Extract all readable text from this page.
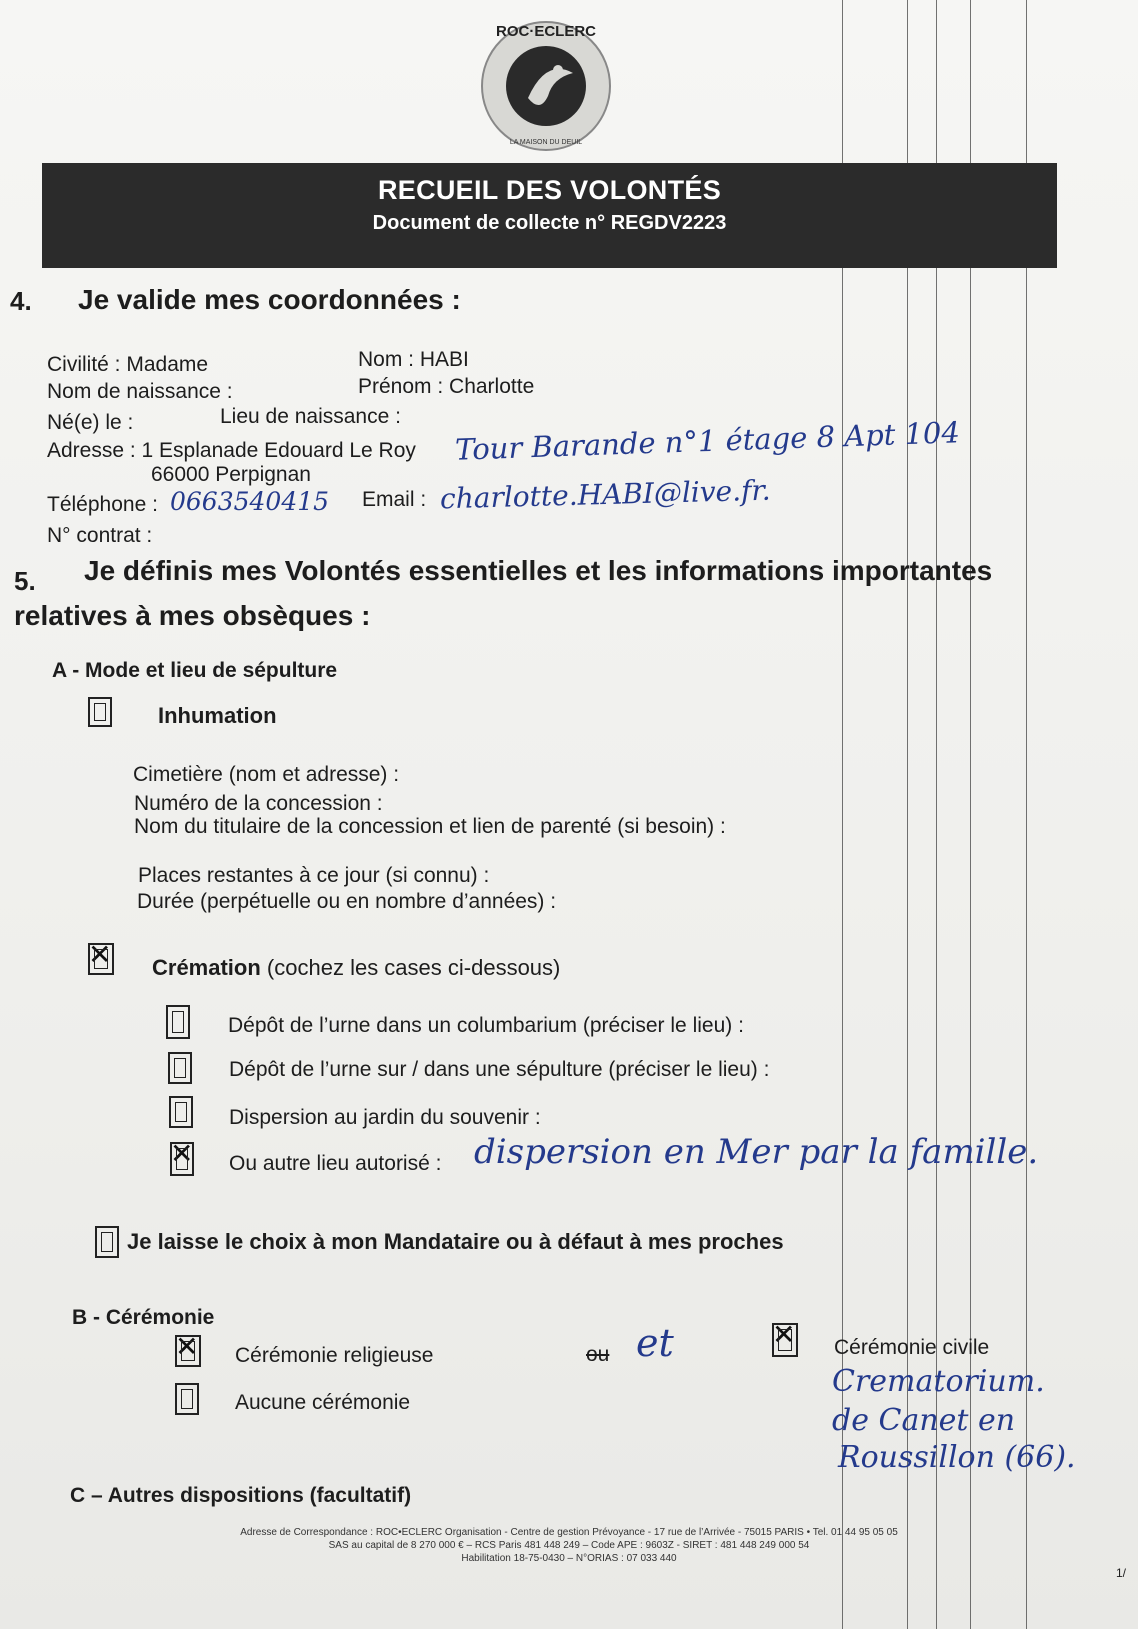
ROC·ECLERC
LA MAISON DU DEUIL
RECUEIL DES VOLONTÉS
Document de collecte n° REGDV2223
4. Je valide mes coordonnées :
Civilité : Madame	Nom : HABI
Nom de naissance :	Prénom : Charlotte
Né(e) le :	Lieu de naissance :
Adresse : 1 Esplanade Edouard Le Roy Tour Barande n°1 étage 8 Apt 104
66000 Perpignan
Téléphone : 0663540415 Email : charlotte.HABI@live.fr.
N° contrat :
5. Je définis mes Volontés essentielles et les informations importantes
relatives à mes obsèques :
A - Mode et lieu de sépulture
Inhumation
Cimetière (nom et adresse) :
Numéro de la concession :
Nom du titulaire de la concession et lien de parenté (si besoin) :
Places restantes à ce jour (si connu) :
Durée (perpétuelle ou en nombre d’années) :
✕
Crémation (cochez les cases ci-dessous)
Dépôt de l’urne dans un columbarium (préciser le lieu) :
Dépôt de l’urne sur / dans une sépulture (préciser le lieu) :
Dispersion au jardin du souvenir :
✕
Ou autre lieu autorisé : dispersion en Mer par la famille.
Je laisse le choix à mon Mandataire ou à défaut à mes proches
B - Cérémonie
✕
Cérémonie religieuse
Aucune cérémonie
ou et
✕	Cérémonie civile
Crematorium.
de Canet en
Roussillon (66).
C – Autres dispositions (facultatif)
Adresse de Correspondance : ROC•ECLERC Organisation - Centre de gestion Prévoyance - 17 rue de l’Arrivée - 75015 PARIS • Tel. 01 44 95 05 05
SAS au capital de 8 270 000 € – RCS Paris 481 448 249 – Code APE : 9603Z - SIRET : 481 448 249 000 54
Habilitation 18-75-0430 – N°ORIAS : 07 033 440
1/
